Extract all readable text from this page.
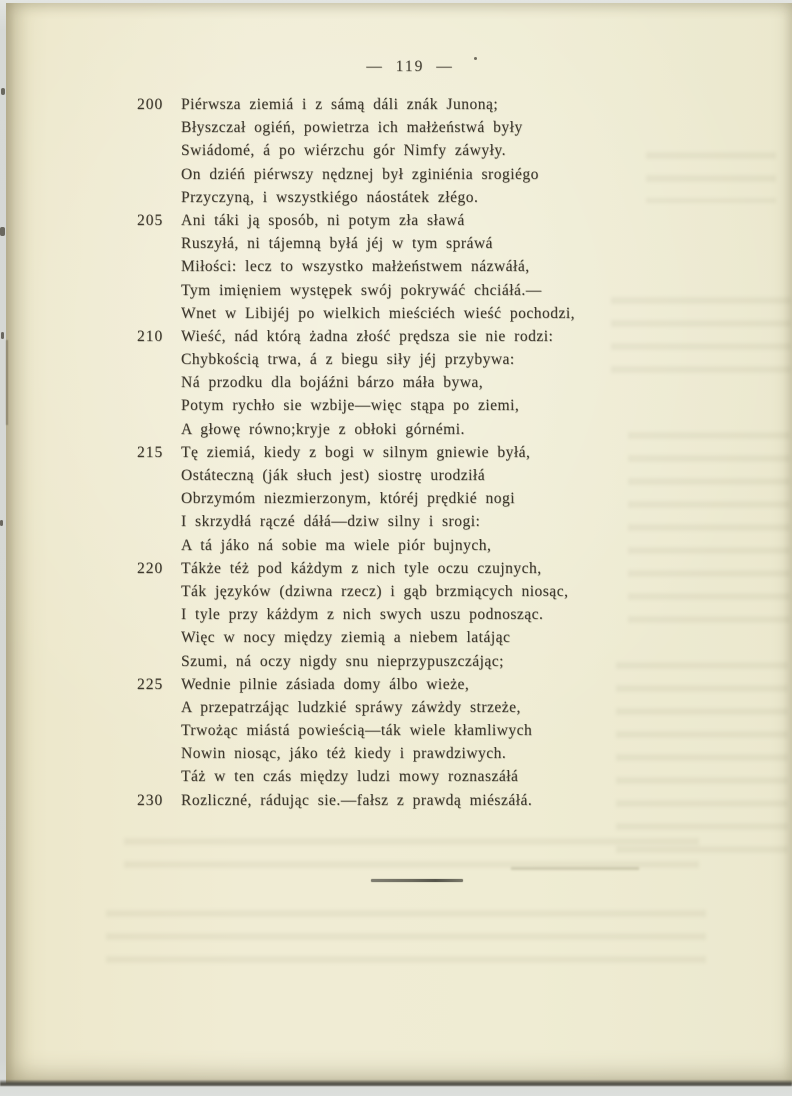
— 119 —
200	Piérwsza ziemiá i z sámą dáli znák Junoną;
Błyszczał ogiéń, powietrza ich małżeństwá były
Swiádomé, á po wiérzchu gór Nimfy záwyły.
On dziéń piérwszy nędznej był zginiénia srogiégo
Przyczyną, i wszystkiégo náostátek złégo.
205	Ani táki ją sposób, ni potym zła sławá
Ruszyłá, ni tájemną byłá jéj w tym spráwá
Miłości: lecz to wszystko małżeństwem názwáłá,
Tym imięniem występek swój pokrywáć chciáłá.—
Wnet w Libijéj po wielkich mieściéch wieść pochodzi,
210	Wieść, nád którą żadna złość prędsza sie nie rodzi:
Chybkością trwa, á z biegu siły jéj przybywa:
Ná przodku dla bojáźni bárzo máła bywa,
Potym rychło sie wzbije—więc stąpa po ziemi,
A głowę równo;kryje z obłoki górnémi.
215	Tę ziemiá, kiedy z bogi w silnym gniewie byłá,
Ostáteczną (ják słuch jest) siostrę urodziłá
Obrzymóm niezmierzonym, któréj prędkié nogi
I skrzydłá rączé dáłá—dziw silny i srogi:
A tá jáko ná sobie ma wiele piór bujnych,
220	Tákże téż pod káżdym z nich tyle oczu czujnych,
Ták języków (dziwna rzecz) i gąb brzmiących niosąc,
I tyle przy káżdym z nich swych uszu podnosząc.
Więc w nocy między ziemią a niebem latájąc
Szumi, ná oczy nigdy snu nieprzypuszczájąc;
225	Wednie pilnie zásiada domy álbo wieże,
A przepatrzájąc ludzkié spráwy záwżdy strzeże,
Trwożąc miástá powieścią—ták wiele kłamliwych
Nowin niosąc, jáko téż kiedy i prawdziwych.
Táż w ten czás między ludzi mowy roznaszáłá
230	Rozliczné, rádując sie.—fałsz z prawdą miészáłá.
